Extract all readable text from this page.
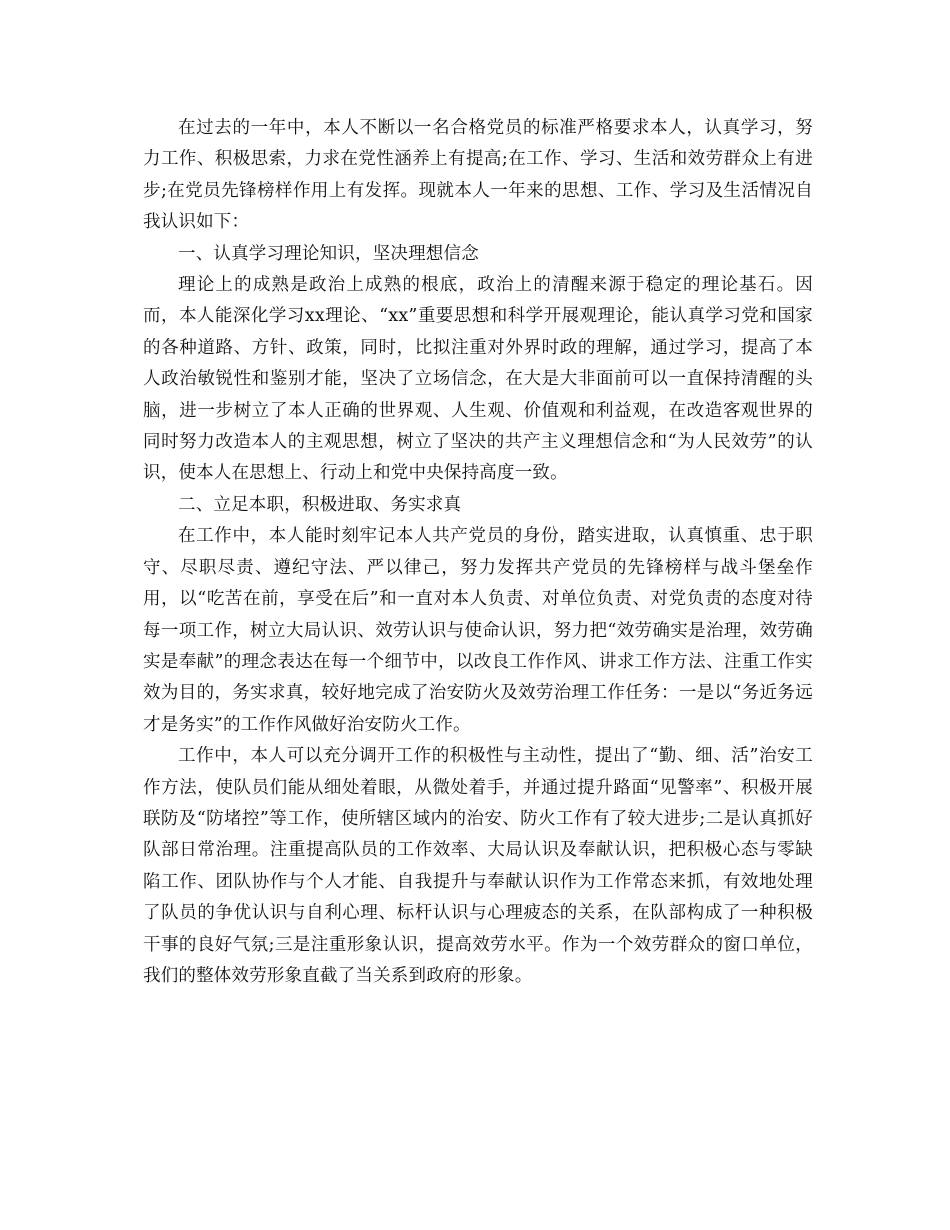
在过去的一年中，本人不断以一名合格党员的标准严格要求本人，认真学习，努力工作、积极思索，力求在党性涵养上有提高;在工作、学习、生活和效劳群众上有进步;在党员先锋榜样作用上有发挥。现就本人一年来的思想、工作、学习及生活情况自我认识如下：

一、认真学习理论知识，坚决理想信念

理论上的成熟是政治上成熟的根底，政治上的清醒来源于稳定的理论基石。因而，本人能深化学习xx理论、“xx”重要思想和科学开展观理论，能认真学习党和国家的各种道路、方针、政策，同时，比拟注重对外界时政的理解，通过学习，提高了本人政治敏锐性和鉴别才能，坚决了立场信念，在大是大非面前可以一直保持清醒的头脑，进一步树立了本人正确的世界观、人生观、价值观和利益观，在改造客观世界的同时努力改造本人的主观思想，树立了坚决的共产主义理想信念和“为人民效劳”的认识，使本人在思想上、行动上和党中央保持高度一致。

二、立足本职，积极进取、务实求真

在工作中，本人能时刻牢记本人共产党员的身份，踏实进取，认真慎重、忠于职守、尽职尽责、遵纪守法、严以律己，努力发挥共产党员的先锋榜样与战斗堡垒作用，以“吃苦在前，享受在后”和一直对本人负责、对单位负责、对党负责的态度对待每一项工作，树立大局认识、效劳认识与使命认识，努力把“效劳确实是治理，效劳确实是奉献”的理念表达在每一个细节中，以改良工作作风、讲求工作方法、注重工作实效为目的，务实求真，较好地完成了治安防火及效劳治理工作任务：一是以“务近务远才是务实”的工作作风做好治安防火工作。

工作中，本人可以充分调开工作的积极性与主动性，提出了“勤、细、活”治安工作方法，使队员们能从细处着眼，从微处着手，并通过提升路面“见警率”、积极开展联防及“防堵控”等工作，使所辖区域内的治安、防火工作有了较大进步;二是认真抓好队部日常治理。注重提高队员的工作效率、大局认识及奉献认识，把积极心态与零缺陷工作、团队协作与个人才能、自我提升与奉献认识作为工作常态来抓，有效地处理了队员的争优认识与自利心理、标杆认识与心理疲态的关系，在队部构成了一种积极干事的良好气氛;三是注重形象认识，提高效劳水平。作为一个效劳群众的窗口单位，我们的整体效劳形象直截了当关系到政府的形象。
